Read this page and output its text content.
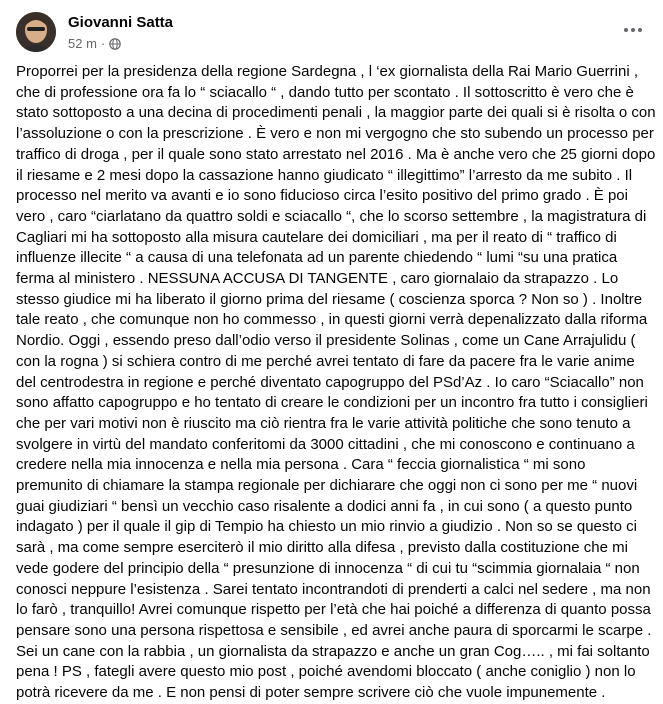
Giovanni Satta
52 m ·
Proporrei per la presidenza della regione Sardegna , l ‘ex giornalista della Rai Mario Guerrini , che di professione ora fa lo “ sciacallo “ , dando tutto per scontato . Il sottoscritto è vero che è stato sottoposto a una decina di procedimenti penali , la maggior parte dei quali si è risolta o con l’assoluzione o con la prescrizione . È vero e non mi vergogno che sto subendo un processo per traffico di droga , per il quale sono stato arrestato nel 2016 . Ma è anche vero che 25 giorni dopo il riesame e 2 mesi dopo la cassazione hanno giudicato “ illegittimo” l’arresto da me subito . Il processo nel merito va avanti e io sono fiducioso circa l’esito positivo del primo grado . È poi vero , caro “ciarlatano da quattro soldi e sciacallo “, che lo scorso settembre , la magistratura di Cagliari mi ha sottoposto alla misura cautelare dei domiciliari , ma per il reato di “ traffico di influenze illecite “ a causa di una telefonata ad un parente chiedendo “ lumi “su una pratica ferma al ministero . NESSUNA ACCUSA DI TANGENTE , caro giornalaio da strapazzo . Lo stesso giudice mi ha liberato il giorno prima del riesame ( coscienza sporca ? Non so ) . Inoltre tale reato , che comunque non ho commesso , in questi giorni verrà depenalizzato dalla riforma Nordio. Oggi , essendo preso dall’odio verso il presidente Solinas , come un Cane Arrajulidu ( con la rogna ) si schiera contro di me perché avrei tentato di fare da pacere fra le varie anime del centrodestra in regione e perché diventato capogruppo del PSd’Az . Io caro “Sciacallo” non sono affatto capogruppo e ho tentato di creare le condizioni per un incontro fra tutto i consiglieri che per vari motivi non è riuscito ma ciò rientra fra le varie attività politiche che sono tenuto a svolgere in virtù del mandato conferitomi da 3000 cittadini , che mi conoscono e continuano a credere nella mia innocenza e nella mia persona . Cara “ feccia giornalistica “ mi sono premunito di chiamare la stampa regionale per dichiarare che oggi non ci sono per me “ nuovi guai giudiziari “ bensì un vecchio caso risalente a dodici anni fa , in cui sono ( a questo punto indagato ) per il quale il gip di Tempio ha chiesto un mio rinvio a giudizio . Non so se questo ci sarà , ma come sempre eserciterò il mio diritto alla difesa , previsto dalla costituzione che mi vede godere del principio della “ presunzione di innocenza “ di cui tu “scimmia giornalaia “ non conosci neppure l’esistenza . Sarei tentato incontrandoti di prenderti a calci nel sedere , ma non lo farò , tranquillo! Avrei comunque rispetto per l’età che hai poiché a differenza di quanto possa pensare sono una persona rispettosa e sensibile , ed avrei anche paura di sporcarmi le scarpe . Sei un cane con la rabbia , un giornalista da strapazzo e anche un gran Cog….. , mi fai soltanto pena ! PS , fategli avere questo mio post , poiché avendomi bloccato ( anche coniglio ) non lo potrà ricevere da me . E non pensi di poter sempre scrivere ciò che vuole impunemente .
